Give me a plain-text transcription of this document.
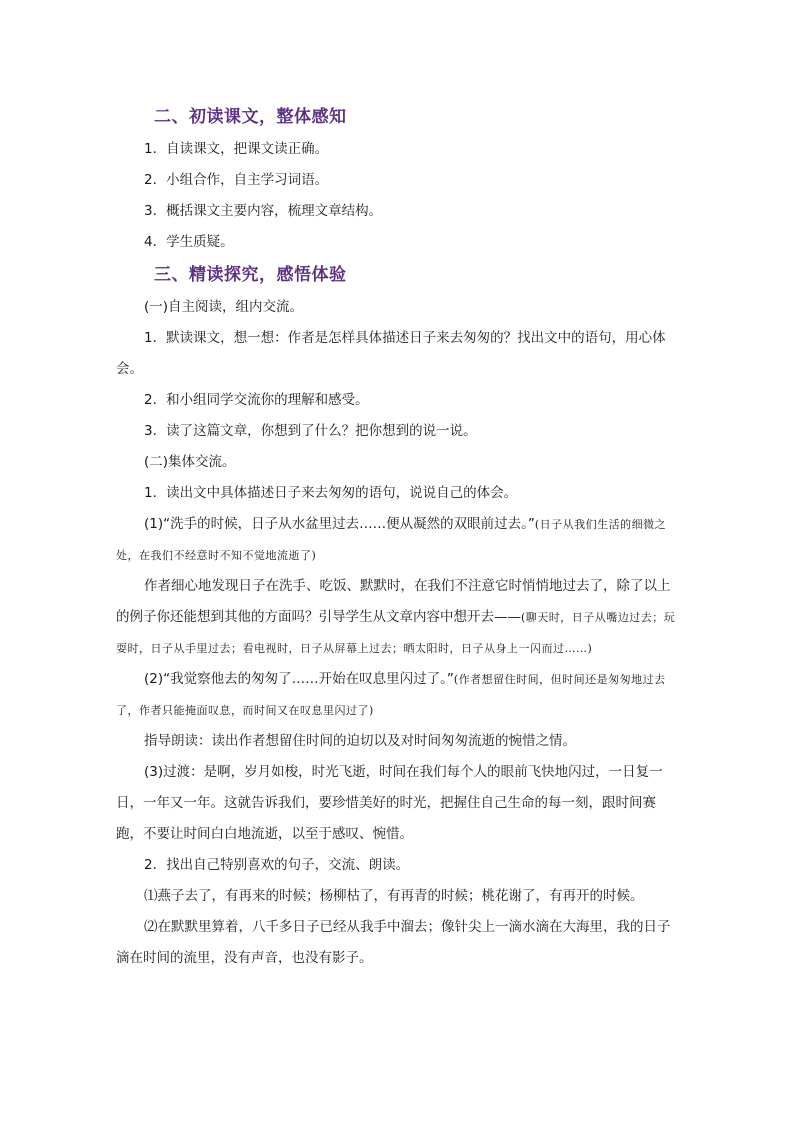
二、初读课文，整体感知

1．自读课文，把课文读正确。

2．小组合作，自主学习词语。

3．概括课文主要内容，梳理文章结构。

4．学生质疑。

三、精读探究，感悟体验

(一)自主阅读，组内交流。

1．默读课文，想一想：作者是怎样具体描述日子来去匆匆的？找出文中的语句，用心体会。

2．和小组同学交流你的理解和感受。

3．读了这篇文章，你想到了什么？把你想到的说一说。

(二)集体交流。

1．读出文中具体描述日子来去匆匆的语句，说说自己的体会。

(1)“洗手的时候，日子从水盆里过去……便从凝然的双眼前过去。”(日子从我们生活的细微之处，在我们不经意时不知不觉地流逝了)

作者细心地发现日子在洗手、吃饭、默默时，在我们不注意它时悄悄地过去了，除了以上的例子你还能想到其他的方面吗？引导学生从文章内容中想开去——(聊天时，日子从嘴边过去；玩耍时，日子从手里过去；看电视时，日子从屏幕上过去；晒太阳时，日子从身上一闪而过……)

(2)“我觉察他去的匆匆了……开始在叹息里闪过了。”(作者想留住时间，但时间还是匆匆地过去了，作者只能掩面叹息，而时间又在叹息里闪过了)

指导朗读：读出作者想留住时间的迫切以及对时间匆匆流逝的惋惜之情。

(3)过渡：是啊，岁月如梭，时光飞逝，时间在我们每个人的眼前飞快地闪过，一日复一日，一年又一年。这就告诉我们，要珍惜美好的时光，把握住自己生命的每一刻，跟时间赛跑，不要让时间白白地流逝，以至于感叹、惋惜。

2．找出自己特别喜欢的句子，交流、朗读。

⑴燕子去了，有再来的时候；杨柳枯了，有再青的时候；桃花谢了，有再开的时候。

⑵在默默里算着，八千多日子已经从我手中溜去；像针尖上一滴水滴在大海里，我的日子滴在时间的流里，没有声音，也没有影子。
